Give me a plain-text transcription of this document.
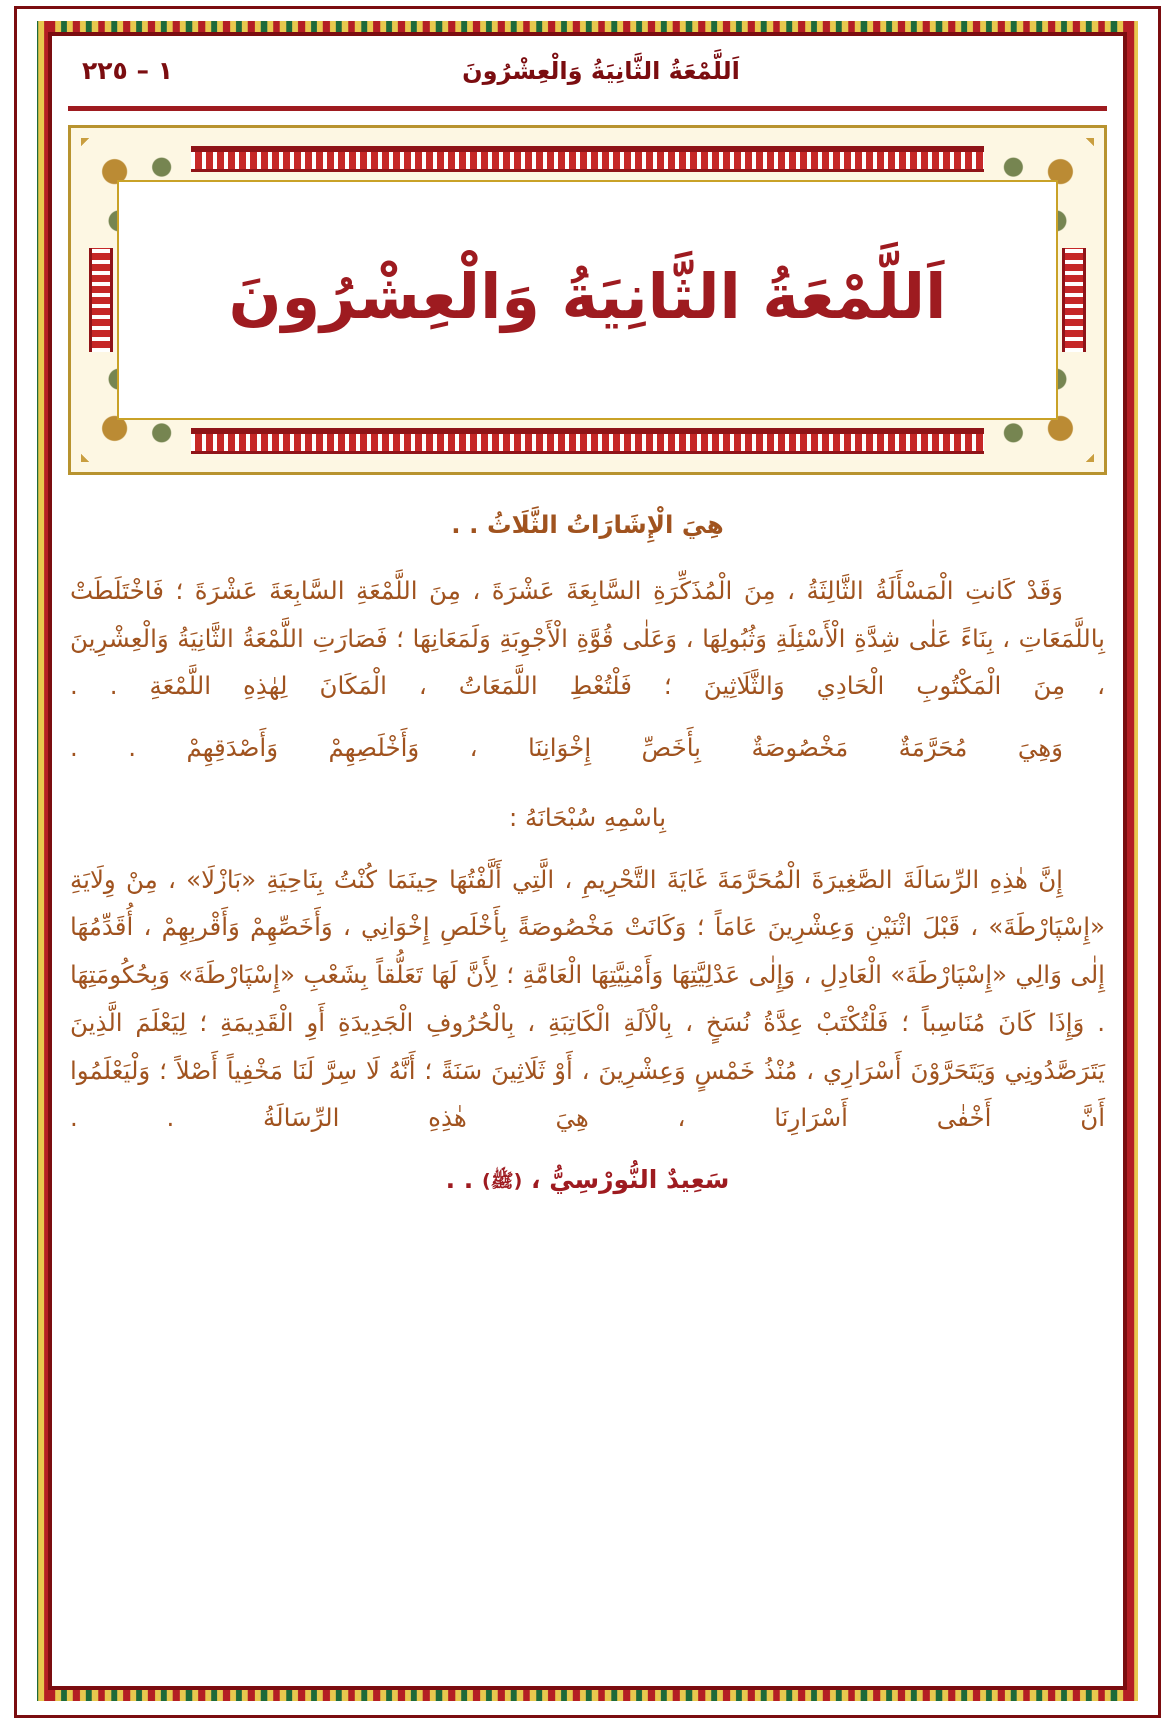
١ – ٢٢٥	اَللَّمْعَةُ الثَّانِيَةُ وَالْعِشْرُونَ
اَللَّمْعَةُ الثَّانِيَةُ وَالْعِشْرُونَ

هِيَ الْإِشَارَاتُ الثَّلَاثُ . .

وَقَدْ كَانتِ الْمَسْأَلَةُ الثَّالِثَةُ ، مِنَ الْمُذَكِّرَةِ السَّابِعَةَ عَشْرَةَ ، مِنَ اللَّمْعَةِ السَّابِعَةَ عَشْرَةَ ؛ فَاخْتَلَطَتْ بِاللَّمَعَاتِ ، بِنَاءً عَلٰى شِدَّةِ الْأَسْئِلَةِ وَثُبُولِهَا ، وَعَلٰى قُوَّةِ الْأَجْوِبَةِ وَلَمَعَانِهَا ؛ فَصَارَتِ اللَّمْعَةُ الثَّانِيَةُ وَالْعِشْرِينَ ، مِنَ الْمَكْتُوبِ الْحَادِي وَالثَّلَاثِينَ ؛ فَلْتُعْطِ اللَّمَعَاتُ ، الْمَكَانَ لِهٰذِهِ اللَّمْعَةِ . .

وَهِيَ مُحَرَّمَةٌ مَخْصُوصَةٌ بِأَخَصِّ إِخْوَانِنَا ، وَأَخْلَصِهِمْ وَأَصْدَقِهِمْ . .

بِاسْمِهِ سُبْحَانَهُ :

إِنَّ هٰذِهِ الرِّسَالَةَ الصَّغِيرَةَ الْمُحَرَّمَةَ غَايَةَ التَّحْرِيمِ ، الَّتِي أَلَّفْتُهَا حِينَمَا كُنْتُ بِنَاحِيَةِ «بَازْلَا» ، مِنْ وِلَايَةِ «إِسْپَارْطَةَ» ، قَبْلَ اثْنَيْنِ وَعِشْرِينَ عَامَاً ؛ وَكَانَتْ مَخْصُوصَةً بِأَخْلَصِ إِخْوَانِي ، وَأَخَصِّهِمْ وَأَقْربِهِمْ ، أُقَدِّمُهَا إِلٰى وَالِي «إِسْپَارْطَةَ» الْعَادِلِ ، وَإِلٰى عَدْلِيَّتِهَا وَأَمْنِيَّتِهَا الْعَامَّةِ ؛ لِأَنَّ لَهَا تَعَلُّقاً بِشَعْبِ «إِسْپَارْطَةَ» وَبِحُكُومَتِهَا . وَإِذَا كَانَ مُنَاسِباً ؛ فَلْتُكْتَبْ عِدَّةُ نُسَخٍ ، بِالْآلَةِ الْكَاتِبَةِ ، بِالْحُرُوفِ الْجَدِيدَةِ أَوِ الْقَدِيمَةِ ؛ لِيَعْلَمَ الَّذِينَ يَتَرَصَّدُونِي وَيَتَحَرَّوْنَ أَسْرَارِي ، مُنْذُ خَمْسٍ وَعِشْرِينَ ، أَوْ ثَلَاثِينَ سَنَةً ؛ أَنَّهُ لَا سِرَّ لَنَا مَخْفِياً أَصْلاً ؛ وَلْيَعْلَمُوا أَنَّ أَخْفٰى أَسْرَارِنَا ، هِيَ هٰذِهِ الرِّسَالَةُ . .

سَعِيدٌ النُّورْسِيُّ ، (ﷺ) . .
